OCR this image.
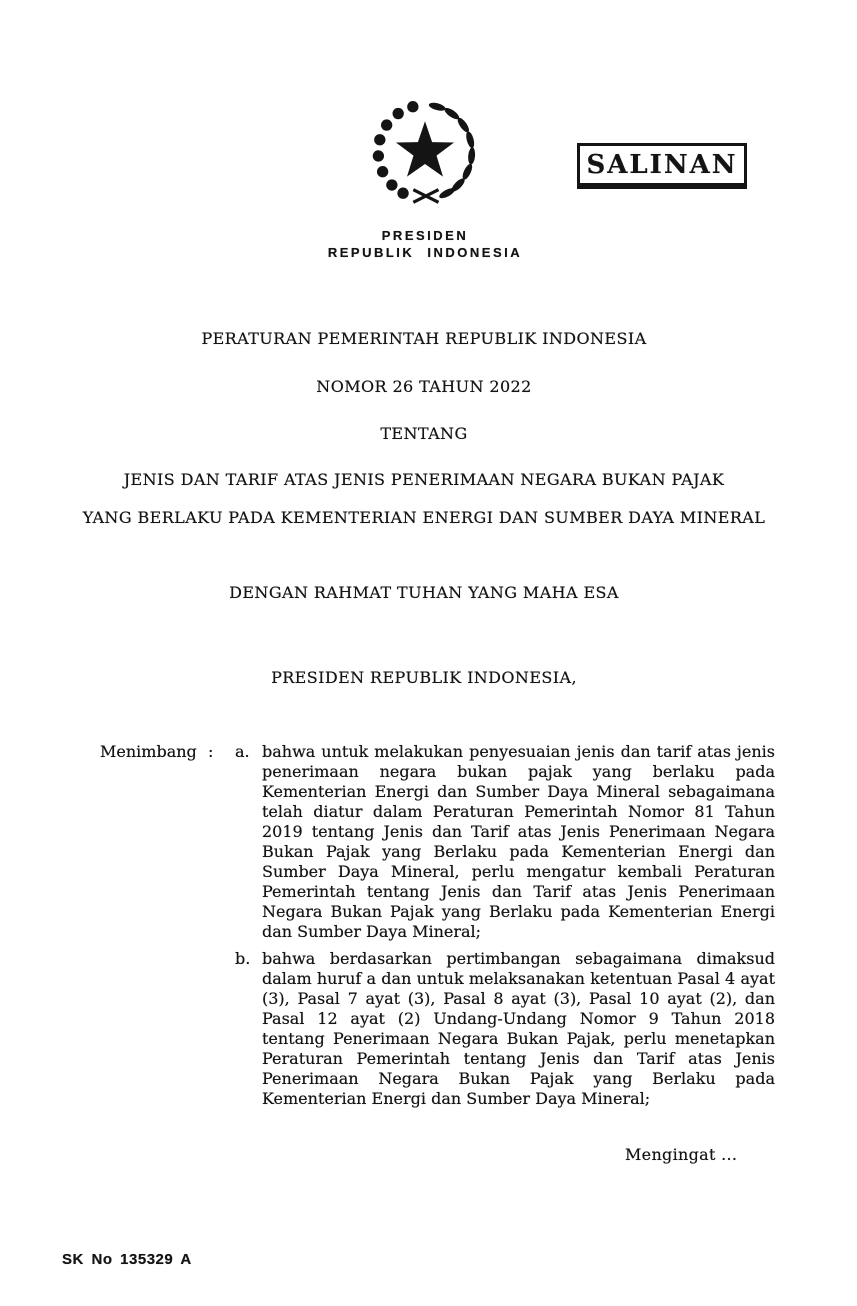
PRESIDEN
REPUBLIK INDONESIA
SALINAN
PERATURAN PEMERINTAH REPUBLIK INDONESIA
NOMOR 26 TAHUN 2022
TENTANG
JENIS DAN TARIF ATAS JENIS PENERIMAAN NEGARA BUKAN PAJAK
YANG BERLAKU PADA KEMENTERIAN ENERGI DAN SUMBER DAYA MINERAL
DENGAN RAHMAT TUHAN YANG MAHA ESA
PRESIDEN REPUBLIK INDONESIA,
Menimbang : a. bahwa untuk melakukan penyesuaian jenis dan tarif atas jenis penerimaan negara bukan pajak yang berlaku pada Kementerian Energi dan Sumber Daya Mineral sebagaimana telah diatur dalam Peraturan Pemerintah Nomor 81 Tahun 2019 tentang Jenis dan Tarif atas Jenis Penerimaan Negara Bukan Pajak yang Berlaku pada Kementerian Energi dan Sumber Daya Mineral, perlu mengatur kembali Peraturan Pemerintah tentang Jenis dan Tarif atas Jenis Penerimaan Negara Bukan Pajak yang Berlaku pada Kementerian Energi dan Sumber Daya Mineral;
b. bahwa berdasarkan pertimbangan sebagaimana dimaksud dalam huruf a dan untuk melaksanakan ketentuan Pasal 4 ayat (3), Pasal 7 ayat (3), Pasal 8 ayat (3), Pasal 10 ayat (2), dan Pasal 12 ayat (2) Undang-Undang Nomor 9 Tahun 2018 tentang Penerimaan Negara Bukan Pajak, perlu menetapkan Peraturan Pemerintah tentang Jenis dan Tarif atas Jenis Penerimaan Negara Bukan Pajak yang Berlaku pada Kementerian Energi dan Sumber Daya Mineral;
Mengingat ...
SK No 135329 A
